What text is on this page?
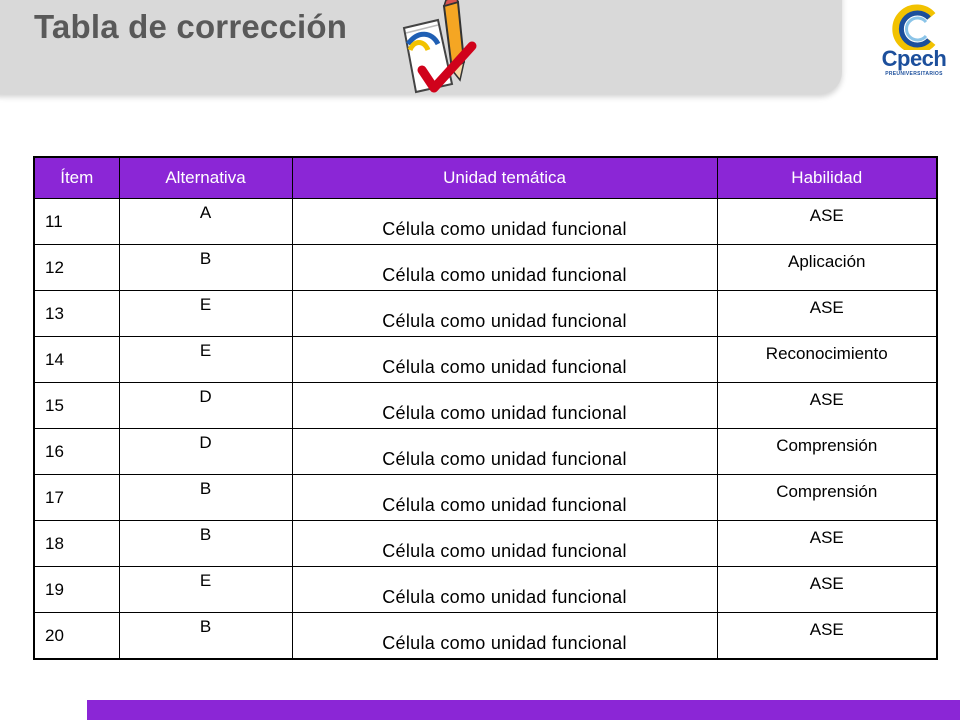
Tabla de corrección
Cpech
PREUNIVERSITARIOS
Ítem	Alternativa	Unidad temática	Habilidad
11	A	Célula como unidad funcional	ASE
12	B	Célula como unidad funcional	Aplicación
13	E	Célula como unidad funcional	ASE
14	E	Célula como unidad funcional	Reconocimiento
15	D	Célula como unidad funcional	ASE
16	D	Célula como unidad funcional	Comprensión
17	B	Célula como unidad funcional	Comprensión
18	B	Célula como unidad funcional	ASE
19	E	Célula como unidad funcional	ASE
20	B	Célula como unidad funcional	ASE
